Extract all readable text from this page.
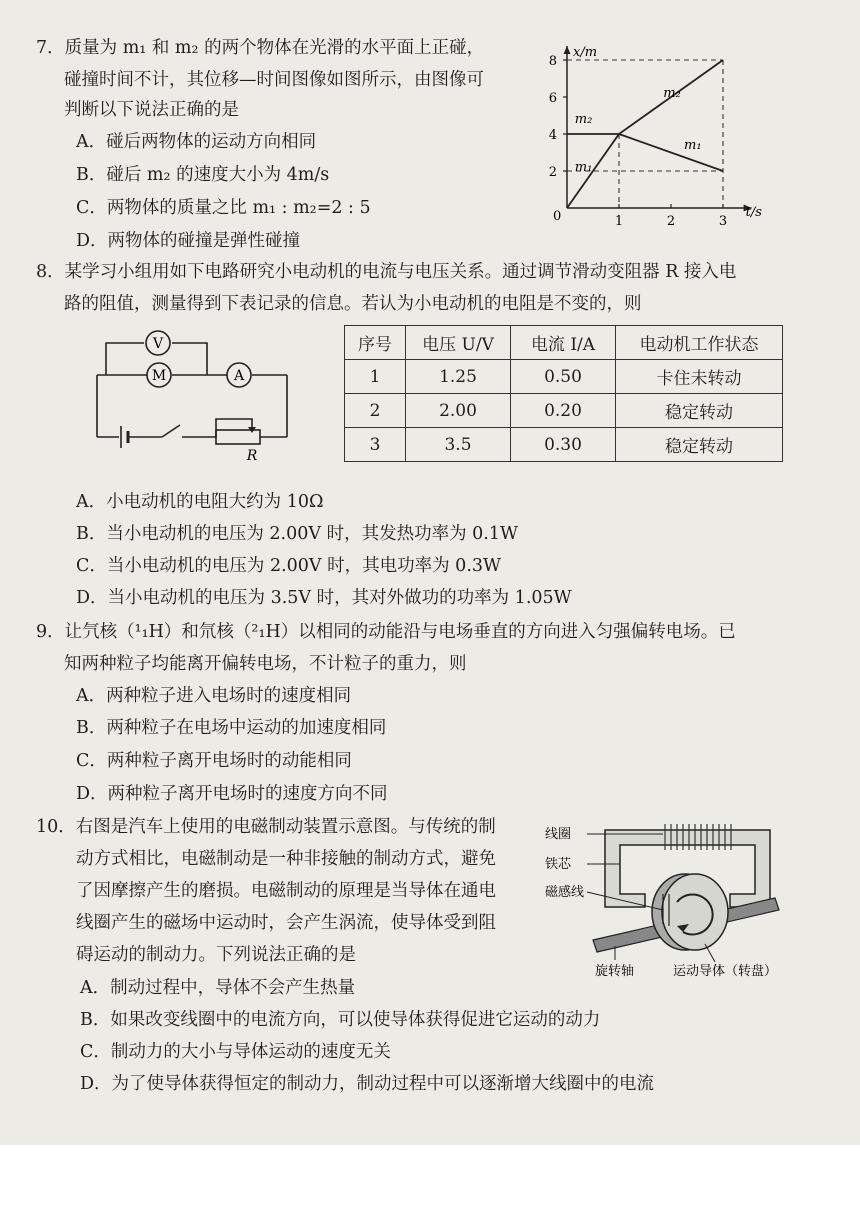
7．质量为 m₁ 和 m₂ 的两个物体在光滑的水平面上正碰，
碰撞时间不计，其位移—时间图像如图所示，由图像可
判断以下说法正确的是
A．碰后两物体的运动方向相同
B．碰后 m₂ 的速度大小为 4m/s
C．两物体的质量之比 m₁ : m₂=2 : 5
D．两物体的碰撞是弹性碰撞
x/m
t/s
0
2
4
6
8
1	2	3
m₂
m₁
m₂
m₁
8．某学习小组用如下电路研究小电动机的电流与电压关系。通过调节滑动变阻器 R 接入电
路的阻值，测量得到下表记录的信息。若认为小电动机的电阻是不变的，则
V
M	A
R
序号	电压 U/V	电流 I/A	电动机工作状态
1	1.25	0.50	卡住未转动
2	2.00	0.20	稳定转动
3	3.5	0.30	稳定转动
A．小电动机的电阻大约为 10Ω
B．当小电动机的电压为 2.00V 时，其发热功率为 0.1W
C．当小电动机的电压为 2.00V 时，其电功率为 0.3W
D．当小电动机的电压为 3.5V 时，其对外做功的功率为 1.05W
9．让氕核（¹₁H）和氘核（²₁H）以相同的动能沿与电场垂直的方向进入匀强偏转电场。已
知两种粒子均能离开偏转电场，不计粒子的重力，则
A．两种粒子进入电场时的速度相同
B．两种粒子在电场中运动的加速度相同
C．两种粒子离开电场时的动能相同
D．两种粒子离开电场时的速度方向不同
10．右图是汽车上使用的电磁制动装置示意图。与传统的制
动方式相比，电磁制动是一种非接触的制动方式，避免
了因摩擦产生的磨损。电磁制动的原理是当导体在通电
线圈产生的磁场中运动时，会产生涡流，使导体受到阻
碍运动的制动力。下列说法正确的是
A．制动过程中，导体不会产生热量
B．如果改变线圈中的电流方向，可以使导体获得促进它运动的动力
C．制动力的大小与导体运动的速度无关
D．为了使导体获得恒定的制动力，制动过程中可以逐渐增大线圈中的电流
线圈
铁芯
磁感线
旋转轴	运动导体（转盘）
